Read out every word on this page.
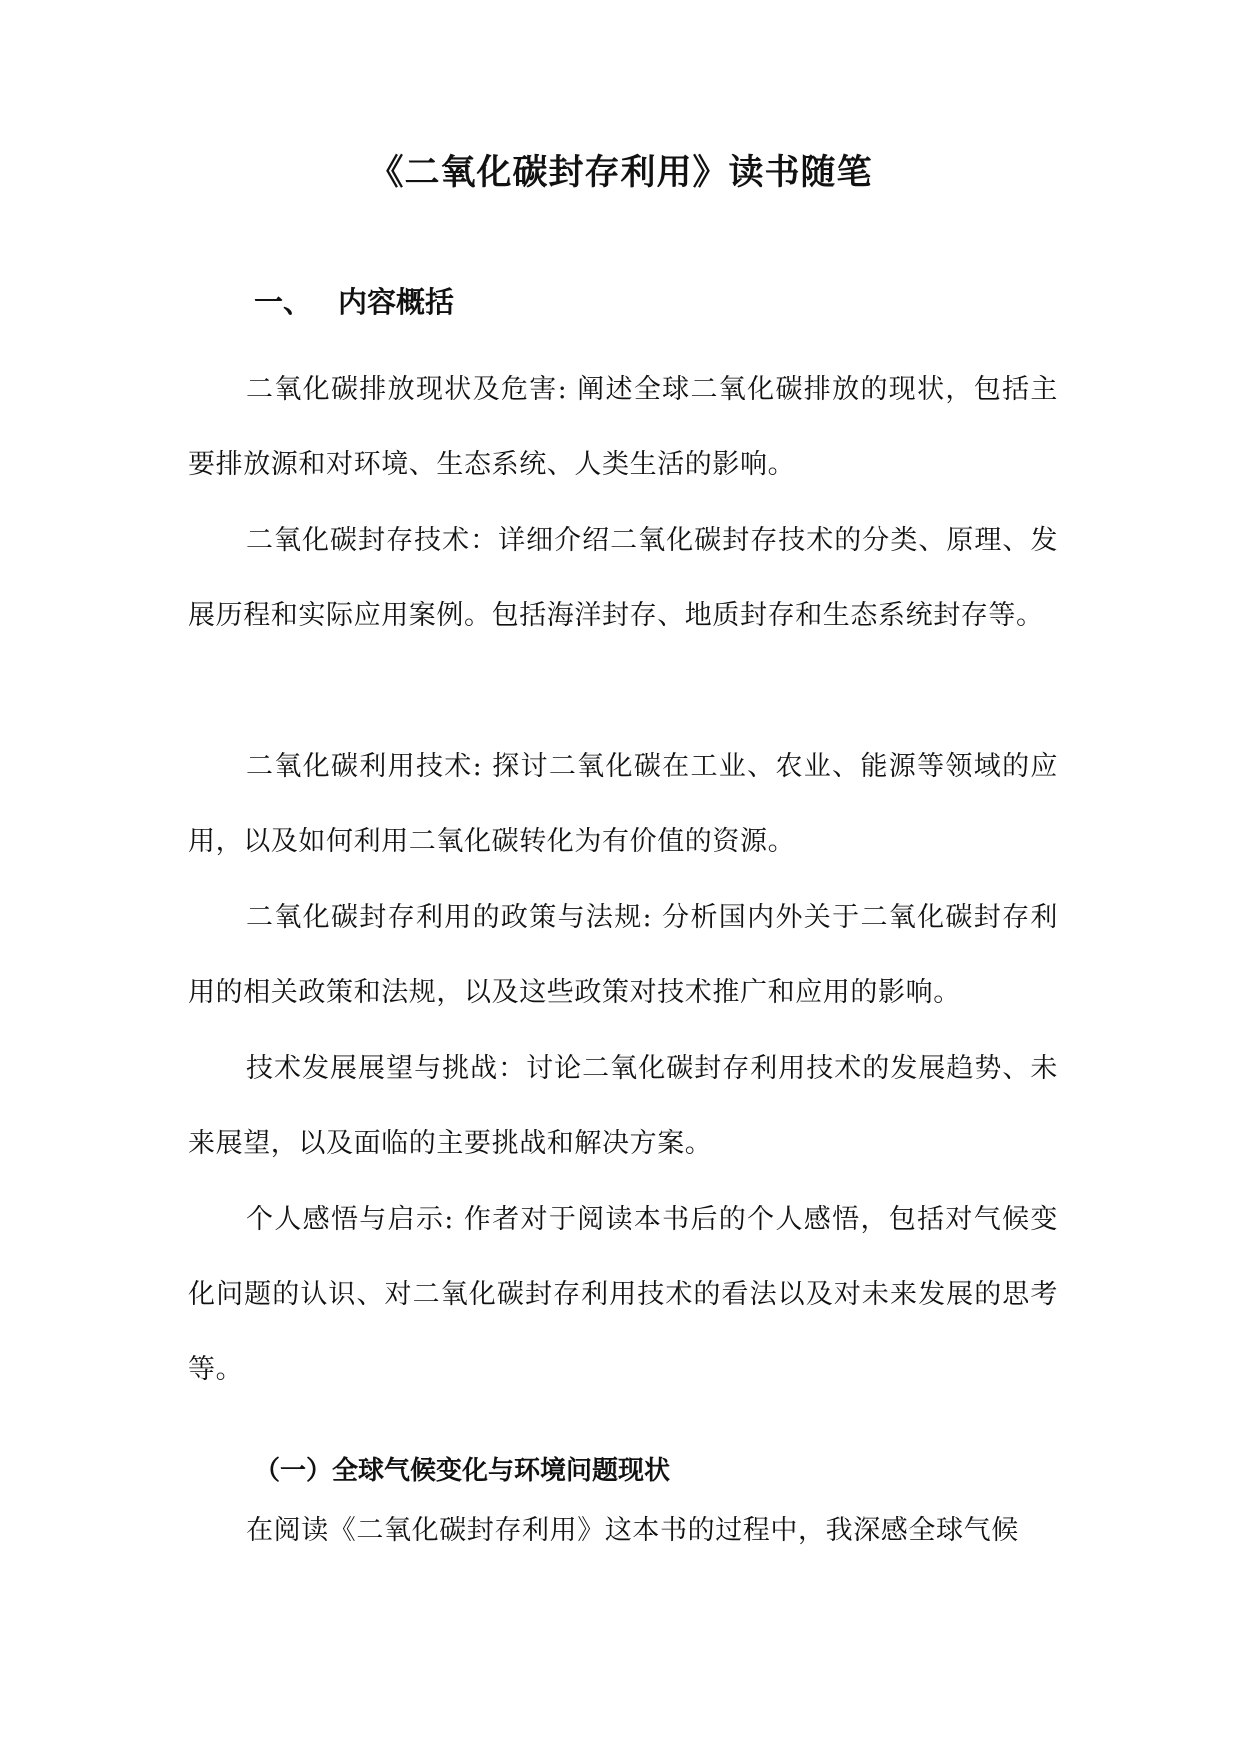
《二氧化碳封存利用》读书随笔
一、 内容概括

二氧化碳排放现状及危害: 阐述全球二氧化碳排放的现状，包括主要排放源和对环境、生态系统、人类生活的影响。

二氧化碳封存技术：详细介绍二氧化碳封存技术的分类、原理、发展历程和实际应用案例。包括海洋封存、地质封存和生态系统封存等。

二氧化碳利用技术: 探讨二氧化碳在工业、农业、能源等领域的应用，以及如何利用二氧化碳转化为有价值的资源。

二氧化碳封存利用的政策与法规: 分析国内外关于二氧化碳封存利用的相关政策和法规，以及这些政策对技术推广和应用的影响。

技术发展展望与挑战：讨论二氧化碳封存利用技术的发展趋势、未来展望，以及面临的主要挑战和解决方案。

个人感悟与启示: 作者对于阅读本书后的个人感悟，包括对气候变化问题的认识、对二氧化碳封存利用技术的看法以及对未来发展的思考等。

（一）全球气候变化与环境问题现状

在阅读《二氧化碳封存利用》这本书的过程中，我深感全球气候
